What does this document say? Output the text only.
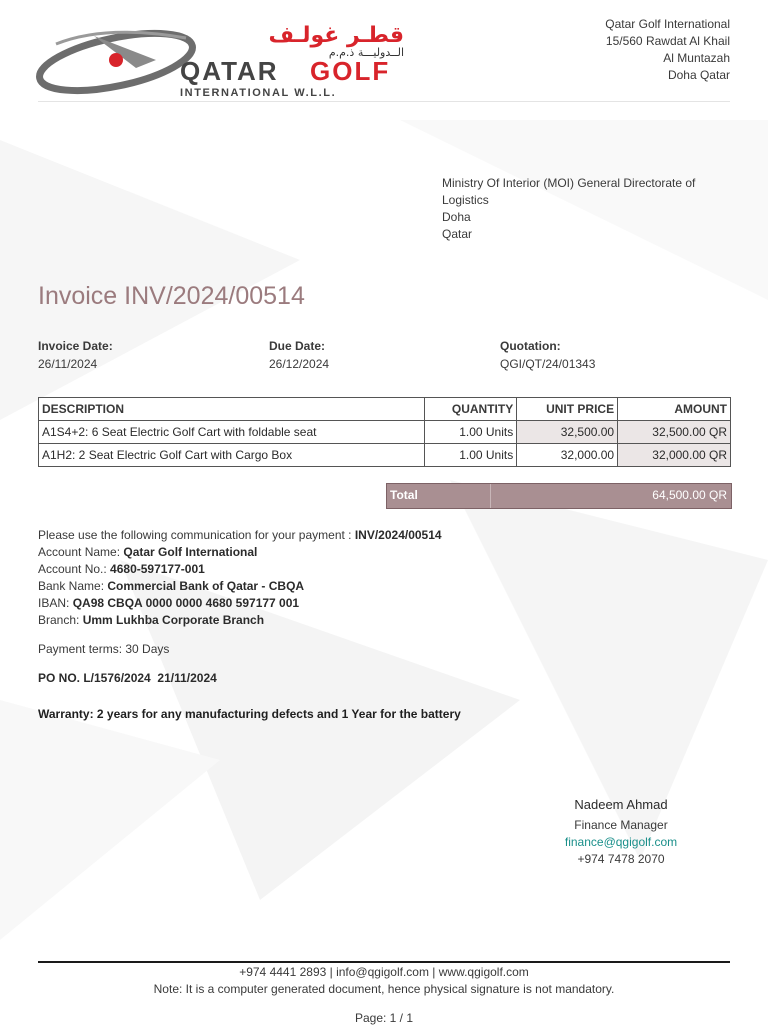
قطـر غولـف
الــدوليـــة ذ.م.م
QATAR GOLF
INTERNATIONAL W.L.L.
Qatar Golf International
15/560 Rawdat Al Khail
Al Muntazah
Doha Qatar
Ministry Of Interior (MOI) General Directorate of Logistics
Doha
Qatar
Invoice INV/2024/00514
Invoice Date:
26/11/2024
Due Date:
26/12/2024
Quotation:
QGI/QT/24/01343
DESCRIPTION	QUANTITY	UNIT PRICE	AMOUNT
A1S4+2: 6 Seat Electric Golf Cart with foldable seat	1.00 Units	32,500.00	32,500.00 QR
A1H2: 2 Seat Electric Golf Cart with Cargo Box	1.00 Units	32,000.00	32,000.00 QR
Total	64,500.00 QR
Please use the following communication for your payment : INV/2024/00514
Account Name: Qatar Golf International
Account No.: 4680-597177-001
Bank Name: Commercial Bank of Qatar - CBQA
IBAN: QA98 CBQA 0000 0000 4680 597177 001
Branch: Umm Lukhba Corporate Branch
Payment terms: 30 Days
PO NO. L/1576/2024  21/11/2024
Warranty: 2 years for any manufacturing defects and 1 Year for the battery
Nadeem Ahmad
Finance Manager
finance@qgigolf.com
+974 7478 2070
+974 4441 2893 | info@qgigolf.com | www.qgigolf.com
Note: It is a computer generated document, hence physical signature is not mandatory.
Page: 1 / 1
